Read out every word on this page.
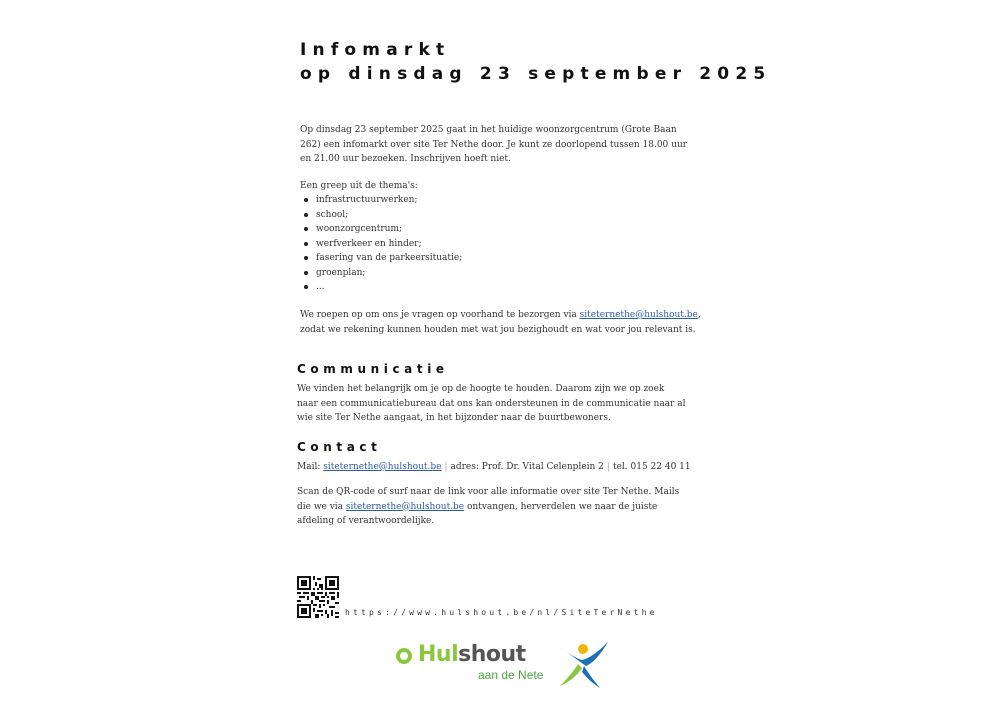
Infomarkt
op dinsdag 23 september 2025
Op dinsdag 23 september 2025 gaat in het huidige woonzorgcentrum (Grote Baan 262) een infomarkt over site Ter Nethe door. Je kunt ze doorlopend tussen 18.00 uur en 21.00 uur bezoeken. Inschrijven hoeft niet.
Een greep uit de thema's:
infrastructuurwerken;
school;
woonzorgcentrum;
werfverkeer en hinder;
fasering van de parkeersituatie;
groenplan;
...
We roepen op om ons je vragen op voorhand te bezorgen via siteternethe@hulshout.be, zodat we rekening kunnen houden met wat jou bezighoudt en wat voor jou relevant is.
Communicatie
We vinden het belangrijk om je op de hoogte te houden. Daarom zijn we op zoek naar een communicatiebureau dat ons kan ondersteunen in de communicatie naar al wie site Ter Nethe aangaat, in het bijzonder naar de buurtbewoners.
Contact
Mail: siteternethe@hulshout.be | adres: Prof. Dr. Vital Celenplein 2 | tel. 015 22 40 11
Scan de QR-code of surf naar de link voor alle informatie over site Ter Nethe. Mails die we via siteternethe@hulshout.be ontvangen, herverdelen we naar de juiste afdeling of verantwoordelijke.
https://www.hulshout.be/nl/SiteTerNethe
Hulshout
aan de Nete
